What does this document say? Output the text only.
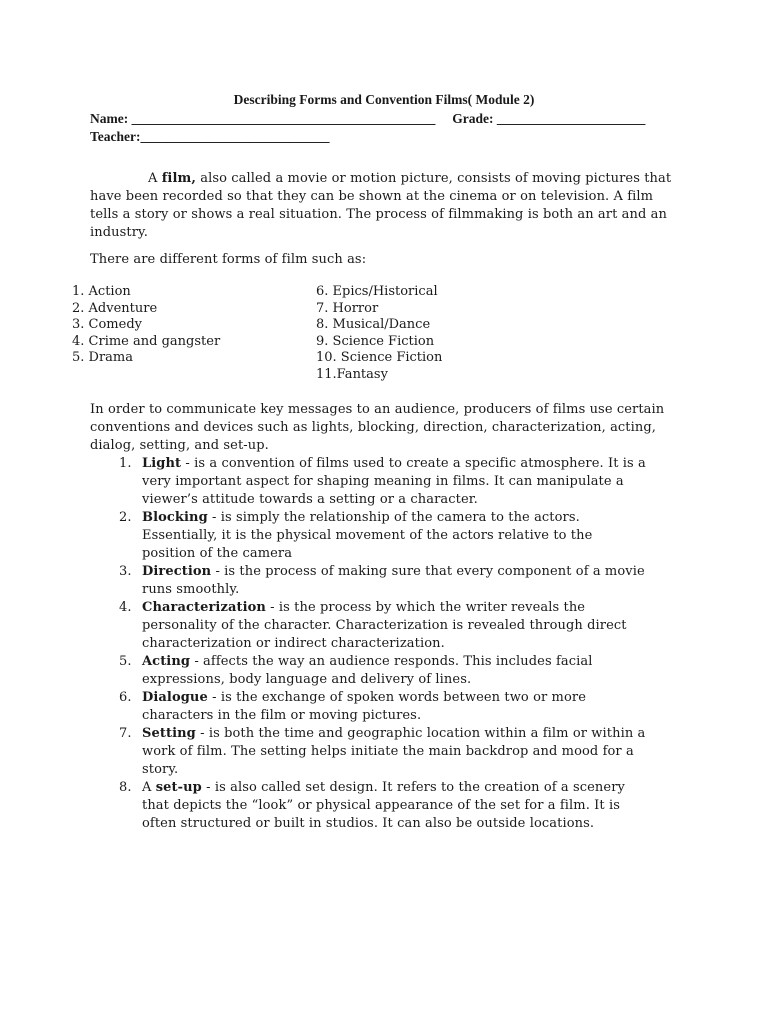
Describing Forms and Convention Films( Module 2)
Name: _____________________________________________     Grade: ______________________
Teacher:____________________________

A film, also called a movie or motion picture, consists of moving pictures that have been recorded so that they can be shown at the cinema or on television. A film tells a story or shows a real situation. The process of filmmaking is both an art and an industry.

There are different forms of film such as:
1. Action
2. Adventure
3. Comedy
4. Crime and gangster
5. Drama
6. Epics/Historical
7. Horror
8. Musical/Dance
9. Science Fiction
10. Science Fiction
11.Fantasy

In order to communicate key messages to an audience, producers of films use certain conventions and devices such as lights, blocking, direction, characterization, acting, dialog, setting, and set-up.

1. Light - is a convention of films used to create a specific atmosphere. It is a very important aspect for shaping meaning in films. It can manipulate a viewer’s attitude towards a setting or a character.
2. Blocking - is simply the relationship of the camera to the actors. Essentially, it is the physical movement of the actors relative to the position of the camera
3. Direction - is the process of making sure that every component of a movie runs smoothly.
4. Characterization - is the process by which the writer reveals the personality of the character. Characterization is revealed through direct characterization or indirect characterization.
5. Acting - affects the way an audience responds. This includes facial expressions, body language and delivery of lines.
6. Dialogue - is the exchange of spoken words between two or more characters in the film or moving pictures.
7. Setting - is both the time and geographic location within a film or within a work of film. The setting helps initiate the main backdrop and mood for a story.
8. A set-up - is also called set design. It refers to the creation of a scenery that depicts the “look” or physical appearance of the set for a film. It is often structured or built in studios. It can also be outside locations.
